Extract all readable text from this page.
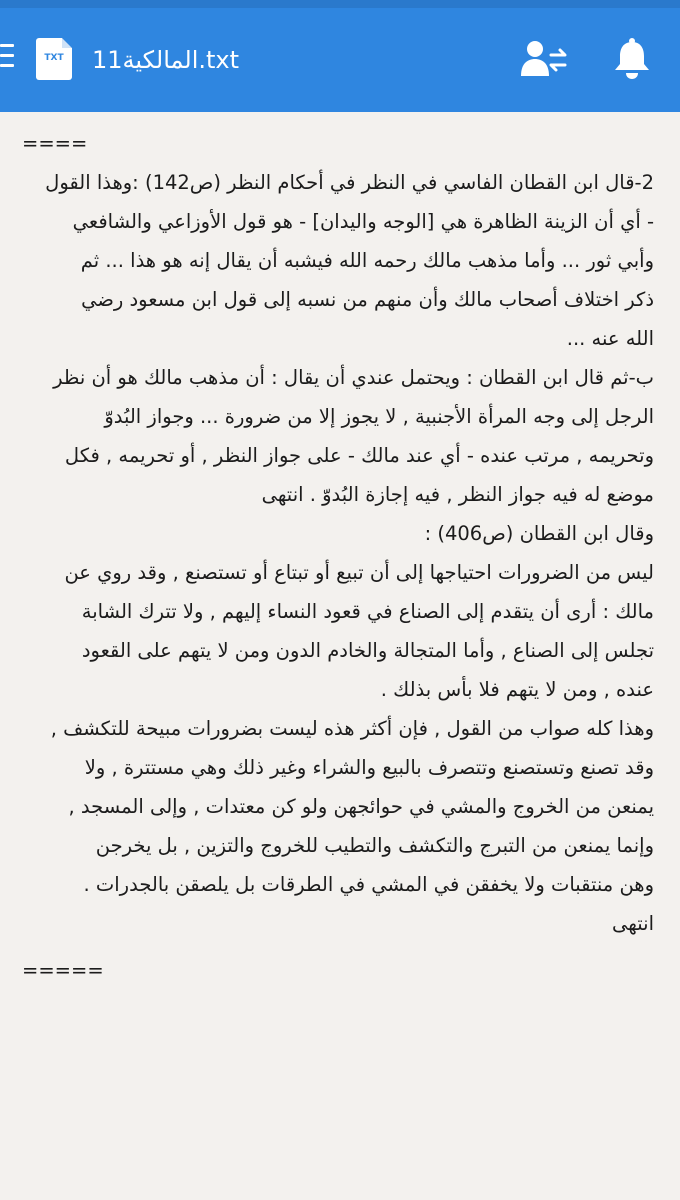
TXT	المالكية11.txt
====
2-قال ابن القطان الفاسي في النظر في أحكام النظر (ص142) :وهذا القول
- أي أن الزينة الظاهرة هي [الوجه واليدان] - هو قول الأوزاعي والشافعي
وأبي ثور ... وأما مذهب مالك رحمه الله فيشبه أن يقال إنه هو هذا ... ثم
ذكر اختلاف أصحاب مالك وأن منهم من نسبه إلى قول ابن مسعود رضي
الله عنه ...
ب-ثم قال ابن القطان : ويحتمل عندي أن يقال : أن مذهب مالك هو أن نظر
الرجل إلى وجه المرأة الأجنبية , لا يجوز إلا من ضرورة ... وجواز البُدوّ
وتحريمه , مرتب عنده - أي عند مالك - على جواز النظر , أو تحريمه , فكل
موضع له فيه جواز النظر , فيه إجازة البُدوّ . انتهى
وقال ابن القطان (ص406) :
ليس من الضرورات احتياجها إلى أن تبيع أو تبتاع أو تستصنع , وقد روي عن
مالك : أرى أن يتقدم إلى الصناع في قعود النساء إليهم , ولا تترك الشابة
تجلس إلى الصناع , وأما المتجالة والخادم الدون ومن لا يتهم على القعود
عنده , ومن لا يتهم فلا بأس بذلك .
وهذا كله صواب من القول , فإن أكثر هذه ليست بضرورات مبيحة للتكشف ,
وقد تصنع وتستصنع وتتصرف بالبيع والشراء وغير ذلك وهي مستترة , ولا
يمنعن من الخروج والمشي في حوائجهن ولو كن معتدات , وإلى المسجد ,
وإنما يمنعن من التبرج والتكشف والتطيب للخروج والتزين , بل يخرجن
وهن منتقبات ولا يخفقن في المشي في الطرقات بل يلصقن بالجدرات .
انتهى
=====
